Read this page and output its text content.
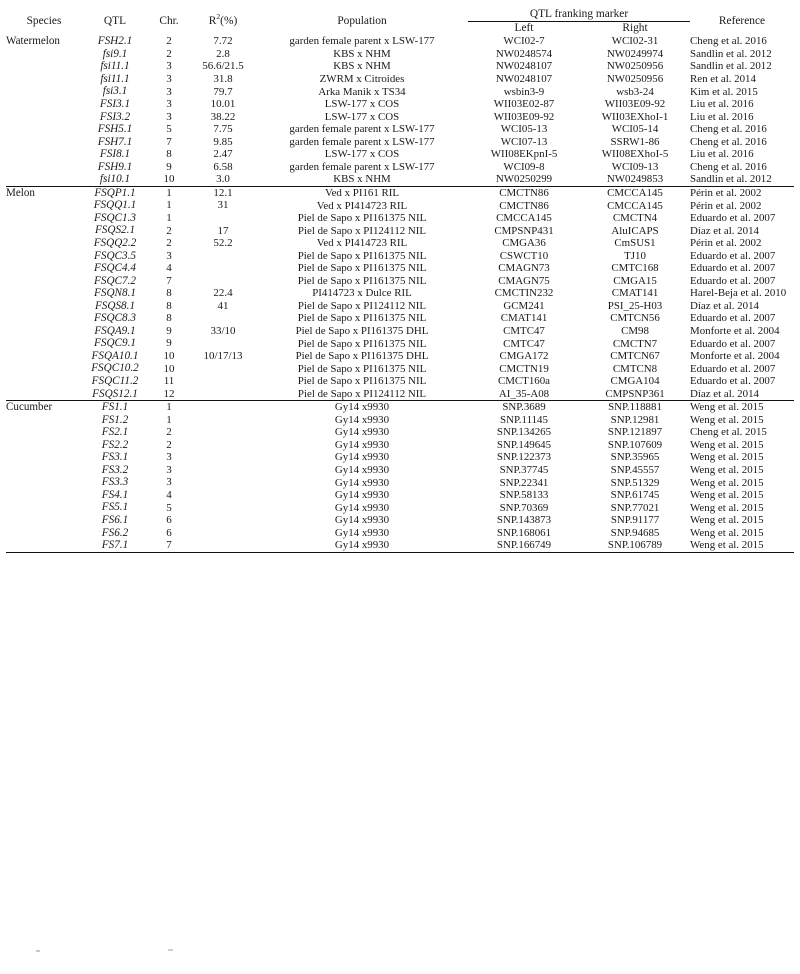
Species	QTL	Chr.	$R^2(\%)$	Population	QTL franking marker		Reference
					Left	Right	
Watermelon	FSH2.1	2	7.72	garden female parent x LSW-177	WCI02-7	WCI02-31	Cheng et al. 2016
	fsi9.1	2	2.8	KBS x NHM	NW0248574	NW0249974	Sandlin et al. 2012
	fsi11.1	3	56.6/21.5	KBS x NHM	NW0248107	NW0250956	Sandlin et al. 2012
	fsi11.1	3	31.8	ZWRM x Citroides	NW0248107	NW0250956	Ren et al. 2014
	fsi3.1	3	79.7	Arka Manik x TS34	wsbin3-9	wsb3-24	Kim et al. 2015
	FSI3.1	3	10.01	LSW-177 x COS	WII03E02-87	WII03E09-92	Liu et al. 2016
	FSI3.2	3	38.22	LSW-177 x COS	WII03E09-92	WII03EXhoI-1	Liu et al. 2016
	FSH5.1	5	7.75	garden female parent x LSW-177	WCI05-13	WCI05-14	Cheng et al. 2016
	FSH7.1	7	9.85	garden female parent x LSW-177	WCI07-13	SSRW1-86	Cheng et al. 2016
	FSI8.1	8	2.47	LSW-177 x COS	WII08EKpnI-5	WII08EXhoI-5	Liu et al. 2016
	FSH9.1	9	6.58	garden female parent x LSW-177	WCI09-8	WCI09-13	Cheng et al. 2016
	fsi10.1	10	3.0	KBS x NHM	NW0250299	NW0249853	Sandlin et al. 2012
Melon	FSQP1.1	1	12.1	Ved x PI161 RIL	CMCTN86	CMCCA145	Périn et al. 2002
	FSQQ1.1	1	31	Ved x PI414723 RIL	CMCTN86	CMCCA145	Périn et al. 2002
	FSQC1.3	1		Piel de Sapo x PI161375 NIL	CMCCA145	CMCTN4	Eduardo et al. 2007
	FSQS2.1	2	17	Piel de Sapo x PI124112 NIL	CMPSNP431	AluICAPS	Díaz et al. 2014
	FSQQ2.2	2	52.2	Ved x PI414723 RIL	CMGA36	CmSUS1	Périn et al. 2002
	FSQC3.5	3		Piel de Sapo x PI161375 NIL	CSWCT10	TJ10	Eduardo et al. 2007
	FSQC4.4	4		Piel de Sapo x PI161375 NIL	CMAGN73	CMTC168	Eduardo et al. 2007
	FSQC7.2	7		Piel de Sapo x PI161375 NIL	CMAGN75	CMGA15	Eduardo et al. 2007
	FSQN8.1	8	22.4	PI414723 x Dulce RIL	CMCTIN232	CMAT141	Harel-Beja et al. 2010
	FSQS8.1	8	41	Piel de Sapo x PI124112 NIL	GCM241	PSI_25-H03	Díaz et al. 2014
	FSQC8.3	8		Piel de Sapo x PI161375 NIL	CMAT141	CMTCN56	Eduardo et al. 2007
	FSQA9.1	9	33/10	Piel de Sapo x PI161375 DHL	CMTC47	CM98	Monforte et al. 2004
	FSQC9.1	9		Piel de Sapo x PI161375 NIL	CMTC47	CMCTN7	Eduardo et al. 2007
	FSQA10.1	10	10/17/13	Piel de Sapo x PI161375 DHL	CMGA172	CMTCN67	Monforte et al. 2004
	FSQC10.2	10		Piel de Sapo x PI161375 NIL	CMCTN19	CMTCN8	Eduardo et al. 2007
	FSQC11.2	11		Piel de Sapo x PI161375 NIL	CMCT160a	CMGA104	Eduardo et al. 2007
	FSQS12.1	12		Piel de Sapo x PI124112 NIL	AI_35-A08	CMPSNP361	Díaz et al. 2014
Cucumber	FS1.1	1		Gy14 x9930	SNP.3689	SNP.118881	Weng et al. 2015
	FS1.2	1		Gy14 x9930	SNP.11145	SNP.12981	Weng et al. 2015
	FS2.1	2		Gy14 x9930	SNP.134265	SNP.121897	Cheng et al. 2015
	FS2.2	2		Gy14 x9930	SNP.149645	SNP.107609	Weng et al. 2015
	FS3.1	3		Gy14 x9930	SNP.122373	SNP.35965	Weng et al. 2015
	FS3.2	3		Gy14 x9930	SNP.37745	SNP.45557	Weng et al. 2015
	FS3.3	3		Gy14 x9930	SNP.22341	SNP.51329	Weng et al. 2015
	FS4.1	4		Gy14 x9930	SNP.58133	SNP.61745	Weng et al. 2015
	FS5.1	5		Gy14 x9930	SNP.70369	SNP.77021	Weng et al. 2015
	FS6.1	6		Gy14 x9930	SNP.143873	SNP.91177	Weng et al. 2015
	FS6.2	6		Gy14 x9930	SNP.168061	SNP.94685	Weng et al. 2015
	FS7.1	7		Gy14 x9930	SNP.166749	SNP.106789	Weng et al. 2015
